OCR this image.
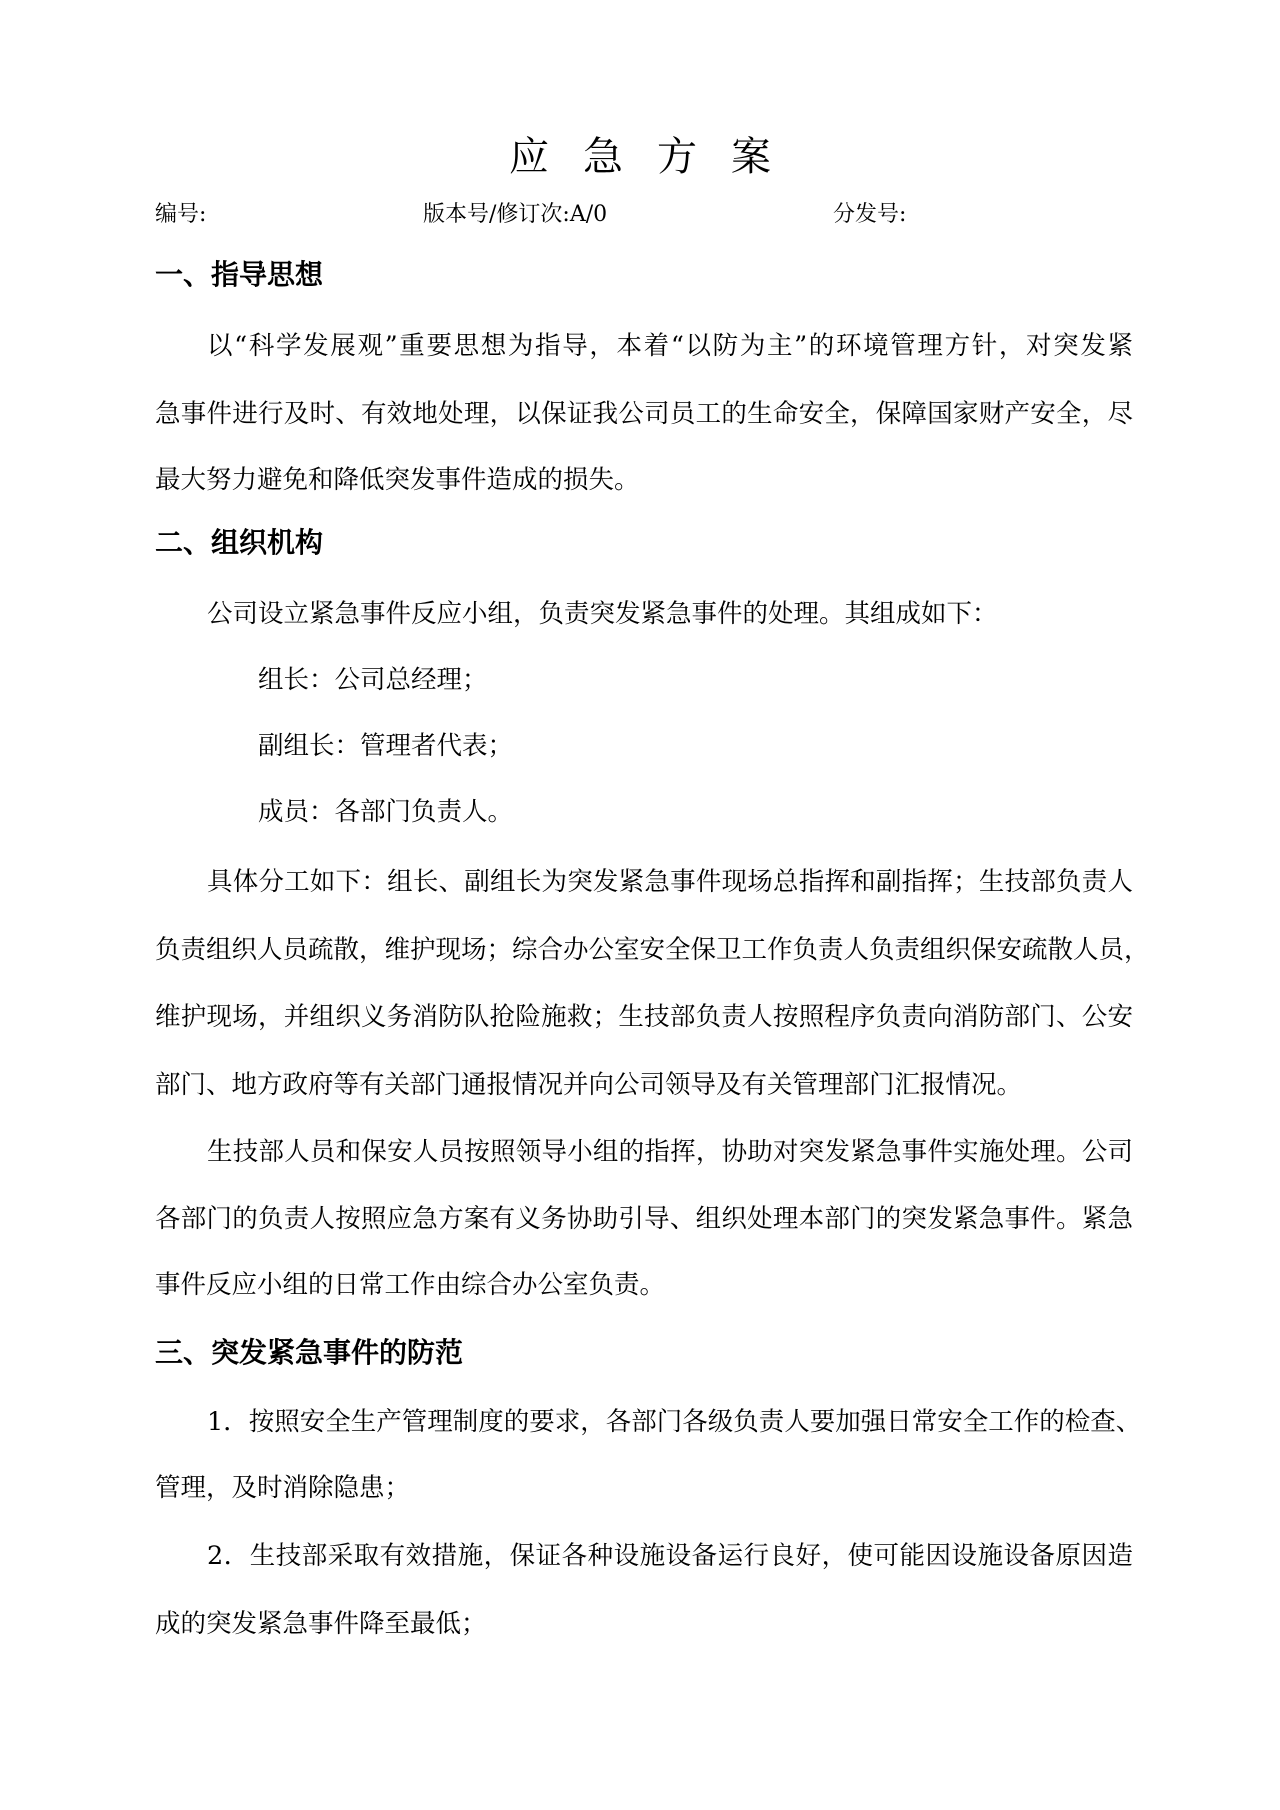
应急方案
编号:	版本号/修订次:A/0	分发号:
一、指导思想
以“科学发展观”重要思想为指导，本着“以防为主”的环境管理方针，对突发紧
急事件进行及时、有效地处理，以保证我公司员工的生命安全，保障国家财产安全，尽
最大努力避免和降低突发事件造成的损失。
二、组织机构
公司设立紧急事件反应小组，负责突发紧急事件的处理。其组成如下：
组长：公司总经理；
副组长：管理者代表；
成员：各部门负责人。
具体分工如下：组长、副组长为突发紧急事件现场总指挥和副指挥；生技部负责人
负责组织人员疏散，维护现场；综合办公室安全保卫工作负责人负责组织保安疏散人员，
维护现场，并组织义务消防队抢险施救；生技部负责人按照程序负责向消防部门、公安
部门、地方政府等有关部门通报情况并向公司领导及有关管理部门汇报情况。
生技部人员和保安人员按照领导小组的指挥，协助对突发紧急事件实施处理。公司
各部门的负责人按照应急方案有义务协助引导、组织处理本部门的突发紧急事件。紧急
事件反应小组的日常工作由综合办公室负责。
三、突发紧急事件的防范
1．按照安全生产管理制度的要求，各部门各级负责人要加强日常安全工作的检查、
管理，及时消除隐患；
2．生技部采取有效措施，保证各种设施设备运行良好，使可能因设施设备原因造
成的突发紧急事件降至最低；
